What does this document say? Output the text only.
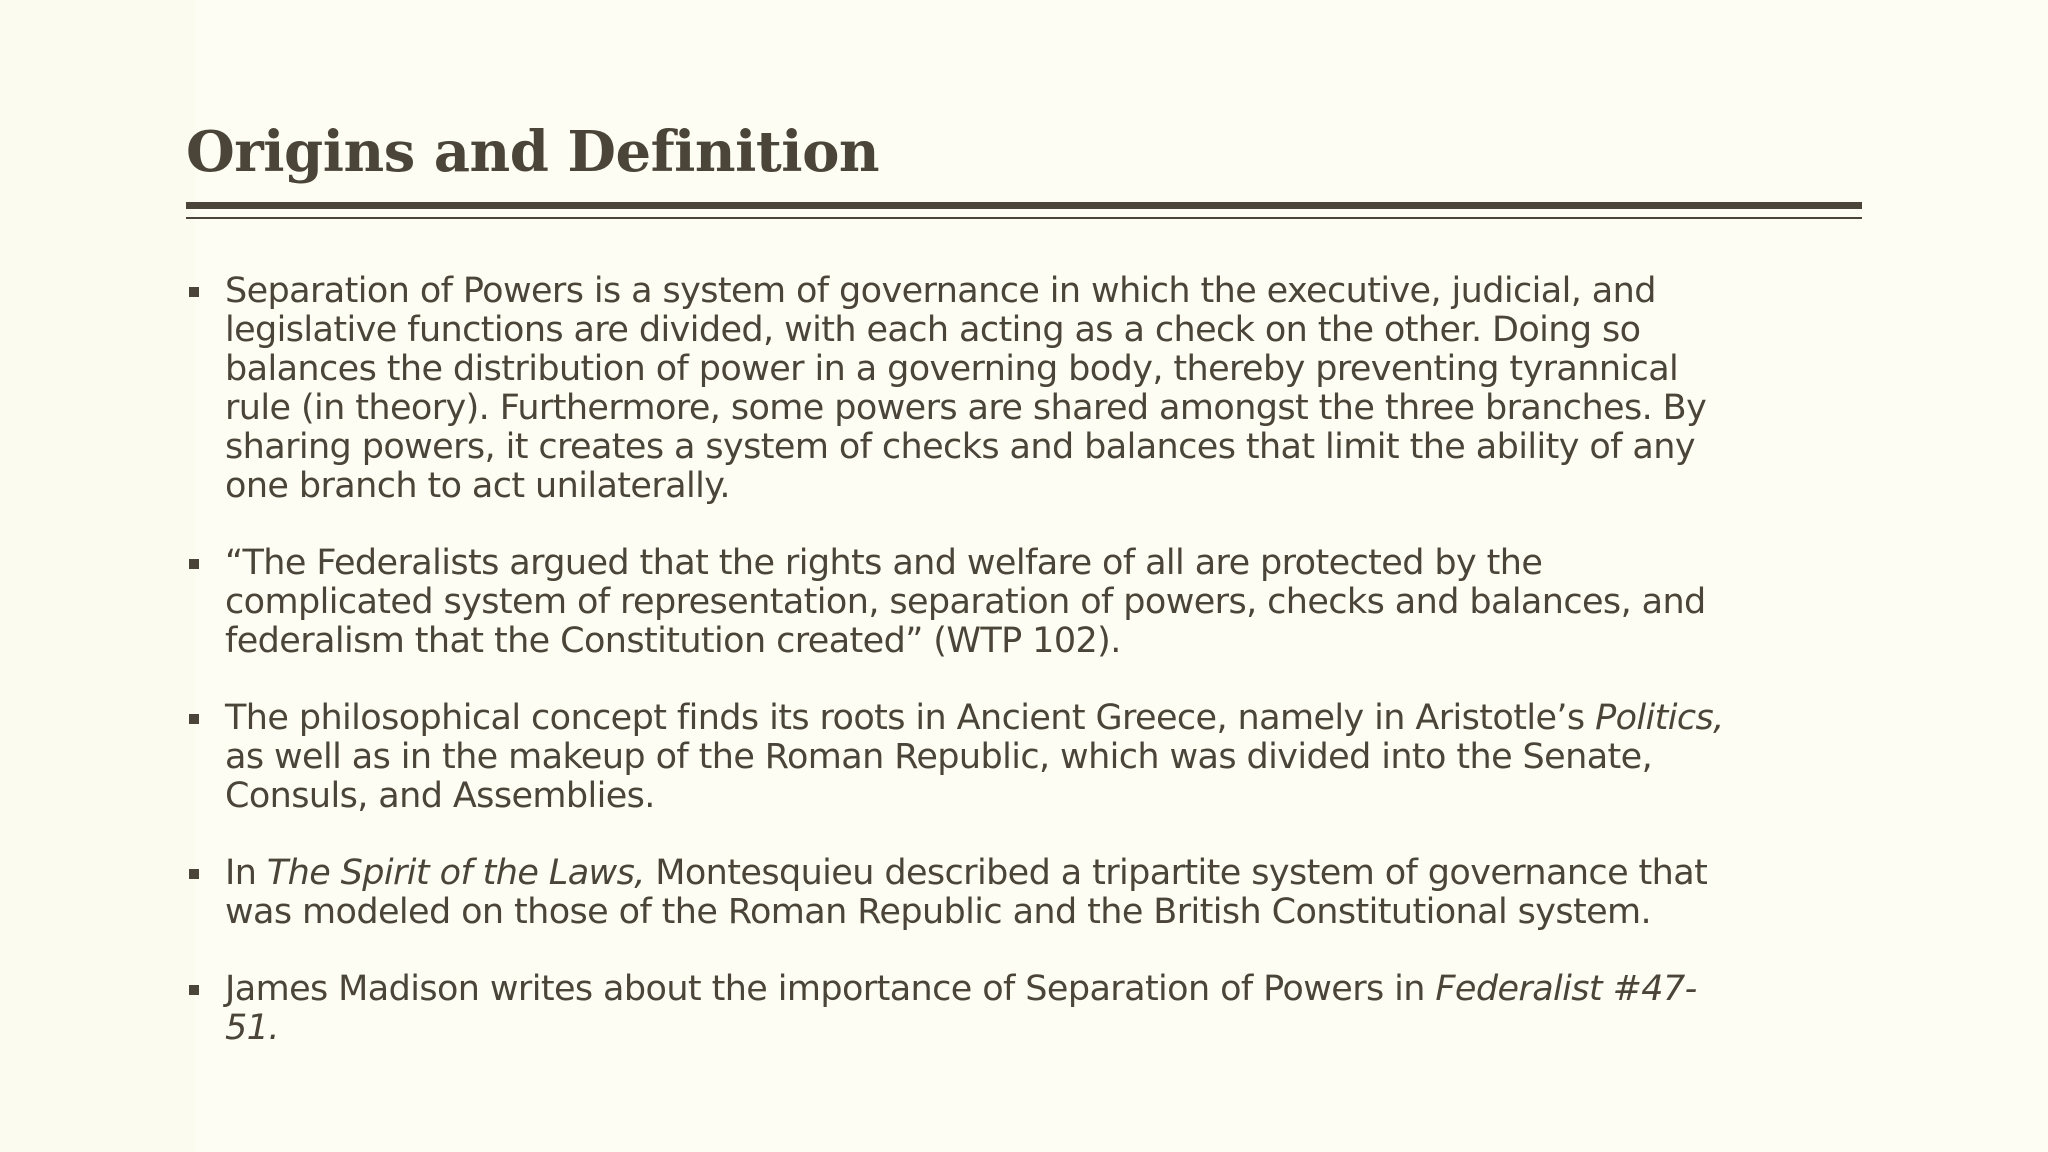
Origins and Definition
Separation of Powers is a system of governance in which the executive, judicial, and
legislative functions are divided, with each acting as a check on the other. Doing so
balances the distribution of power in a governing body, thereby preventing tyrannical
rule (in theory). Furthermore, some powers are shared amongst the three branches. By
sharing powers, it creates a system of checks and balances that limit the ability of any
one branch to act unilaterally.
“The Federalists argued that the rights and welfare of all are protected by the
complicated system of representation, separation of powers, checks and balances, and
federalism that the Constitution created” (WTP 102).
The philosophical concept finds its roots in Ancient Greece, namely in Aristotle’s Politics,
as well as in the makeup of the Roman Republic, which was divided into the Senate,
Consuls, and Assemblies.
In The Spirit of the Laws, Montesquieu described a tripartite system of governance that
was modeled on those of the Roman Republic and the British Constitutional system.
James Madison writes about the importance of Separation of Powers in Federalist #47-
51.
